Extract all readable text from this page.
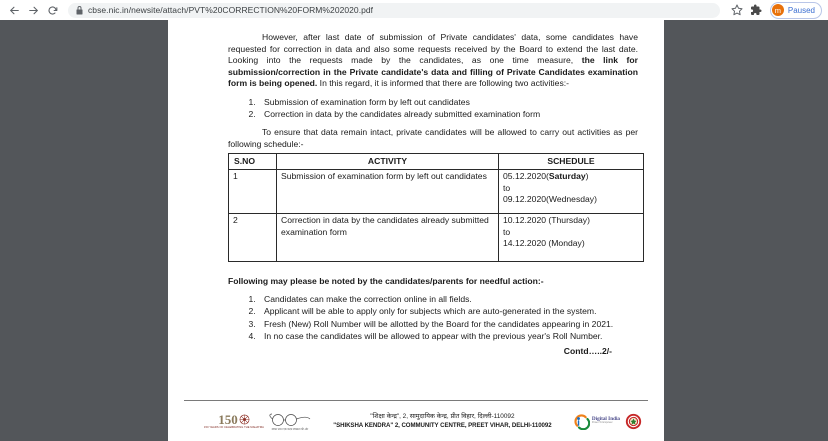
cbse.nic.in/newsite/attach/PVT%20CORRECTION%20FORM%202020.pdf	m Paused

However, after last date of submission of Private candidates' data, some candidates have requested for correction in data and also some requests received by the Board to extend the last date. Looking into the requests made by the candidates, as one time measure, the link for submission/correction in the Private candidate's data and filling of Private Candidates examination form is being opened. In this regard, it is informed that there are following two activities:-

1. Submission of examination form by left out candidates
2. Correction in data by the candidates already submitted examination form

To ensure that data remain intact, private candidates will be allowed to carry out activities as per following schedule:-

S.NO	ACTIVITY	SCHEDULE
1	Submission of examination form by left out candidates	05.12.2020(Saturday)
to
09.12.2020(Wednesday)
2	Correction in data by the candidates already submitted examination form	10.12.2020 (Thursday)
to
14.12.2020 (Monday)

Following may please be noted by the candidates/parents for needful action:-

1. Candidates can make the correction online in all fields.
2. Applicant will be able to apply only for subjects which are auto-generated in the system.
3. Fresh (New) Roll Number will be allotted by the Board for the candidates appearing in 2021.
4. In no case the candidates will be allowed to appear with the previous year's Roll Number.

Contd…..2/-

150
150 YEARS OF CELEBRATING THE MAHATMA
स्वच्छ भारत एक कदम स्वच्छता की ओर
"शिक्षा केन्द्र", 2, सामुदायिक केन्द्र, प्रीत विहार, दिल्ली-110092
"SHIKSHA KENDRA" 2, COMMUNITY CENTRE, PREET VIHAR, DELHI-110092
Digital India
Power To Empower
